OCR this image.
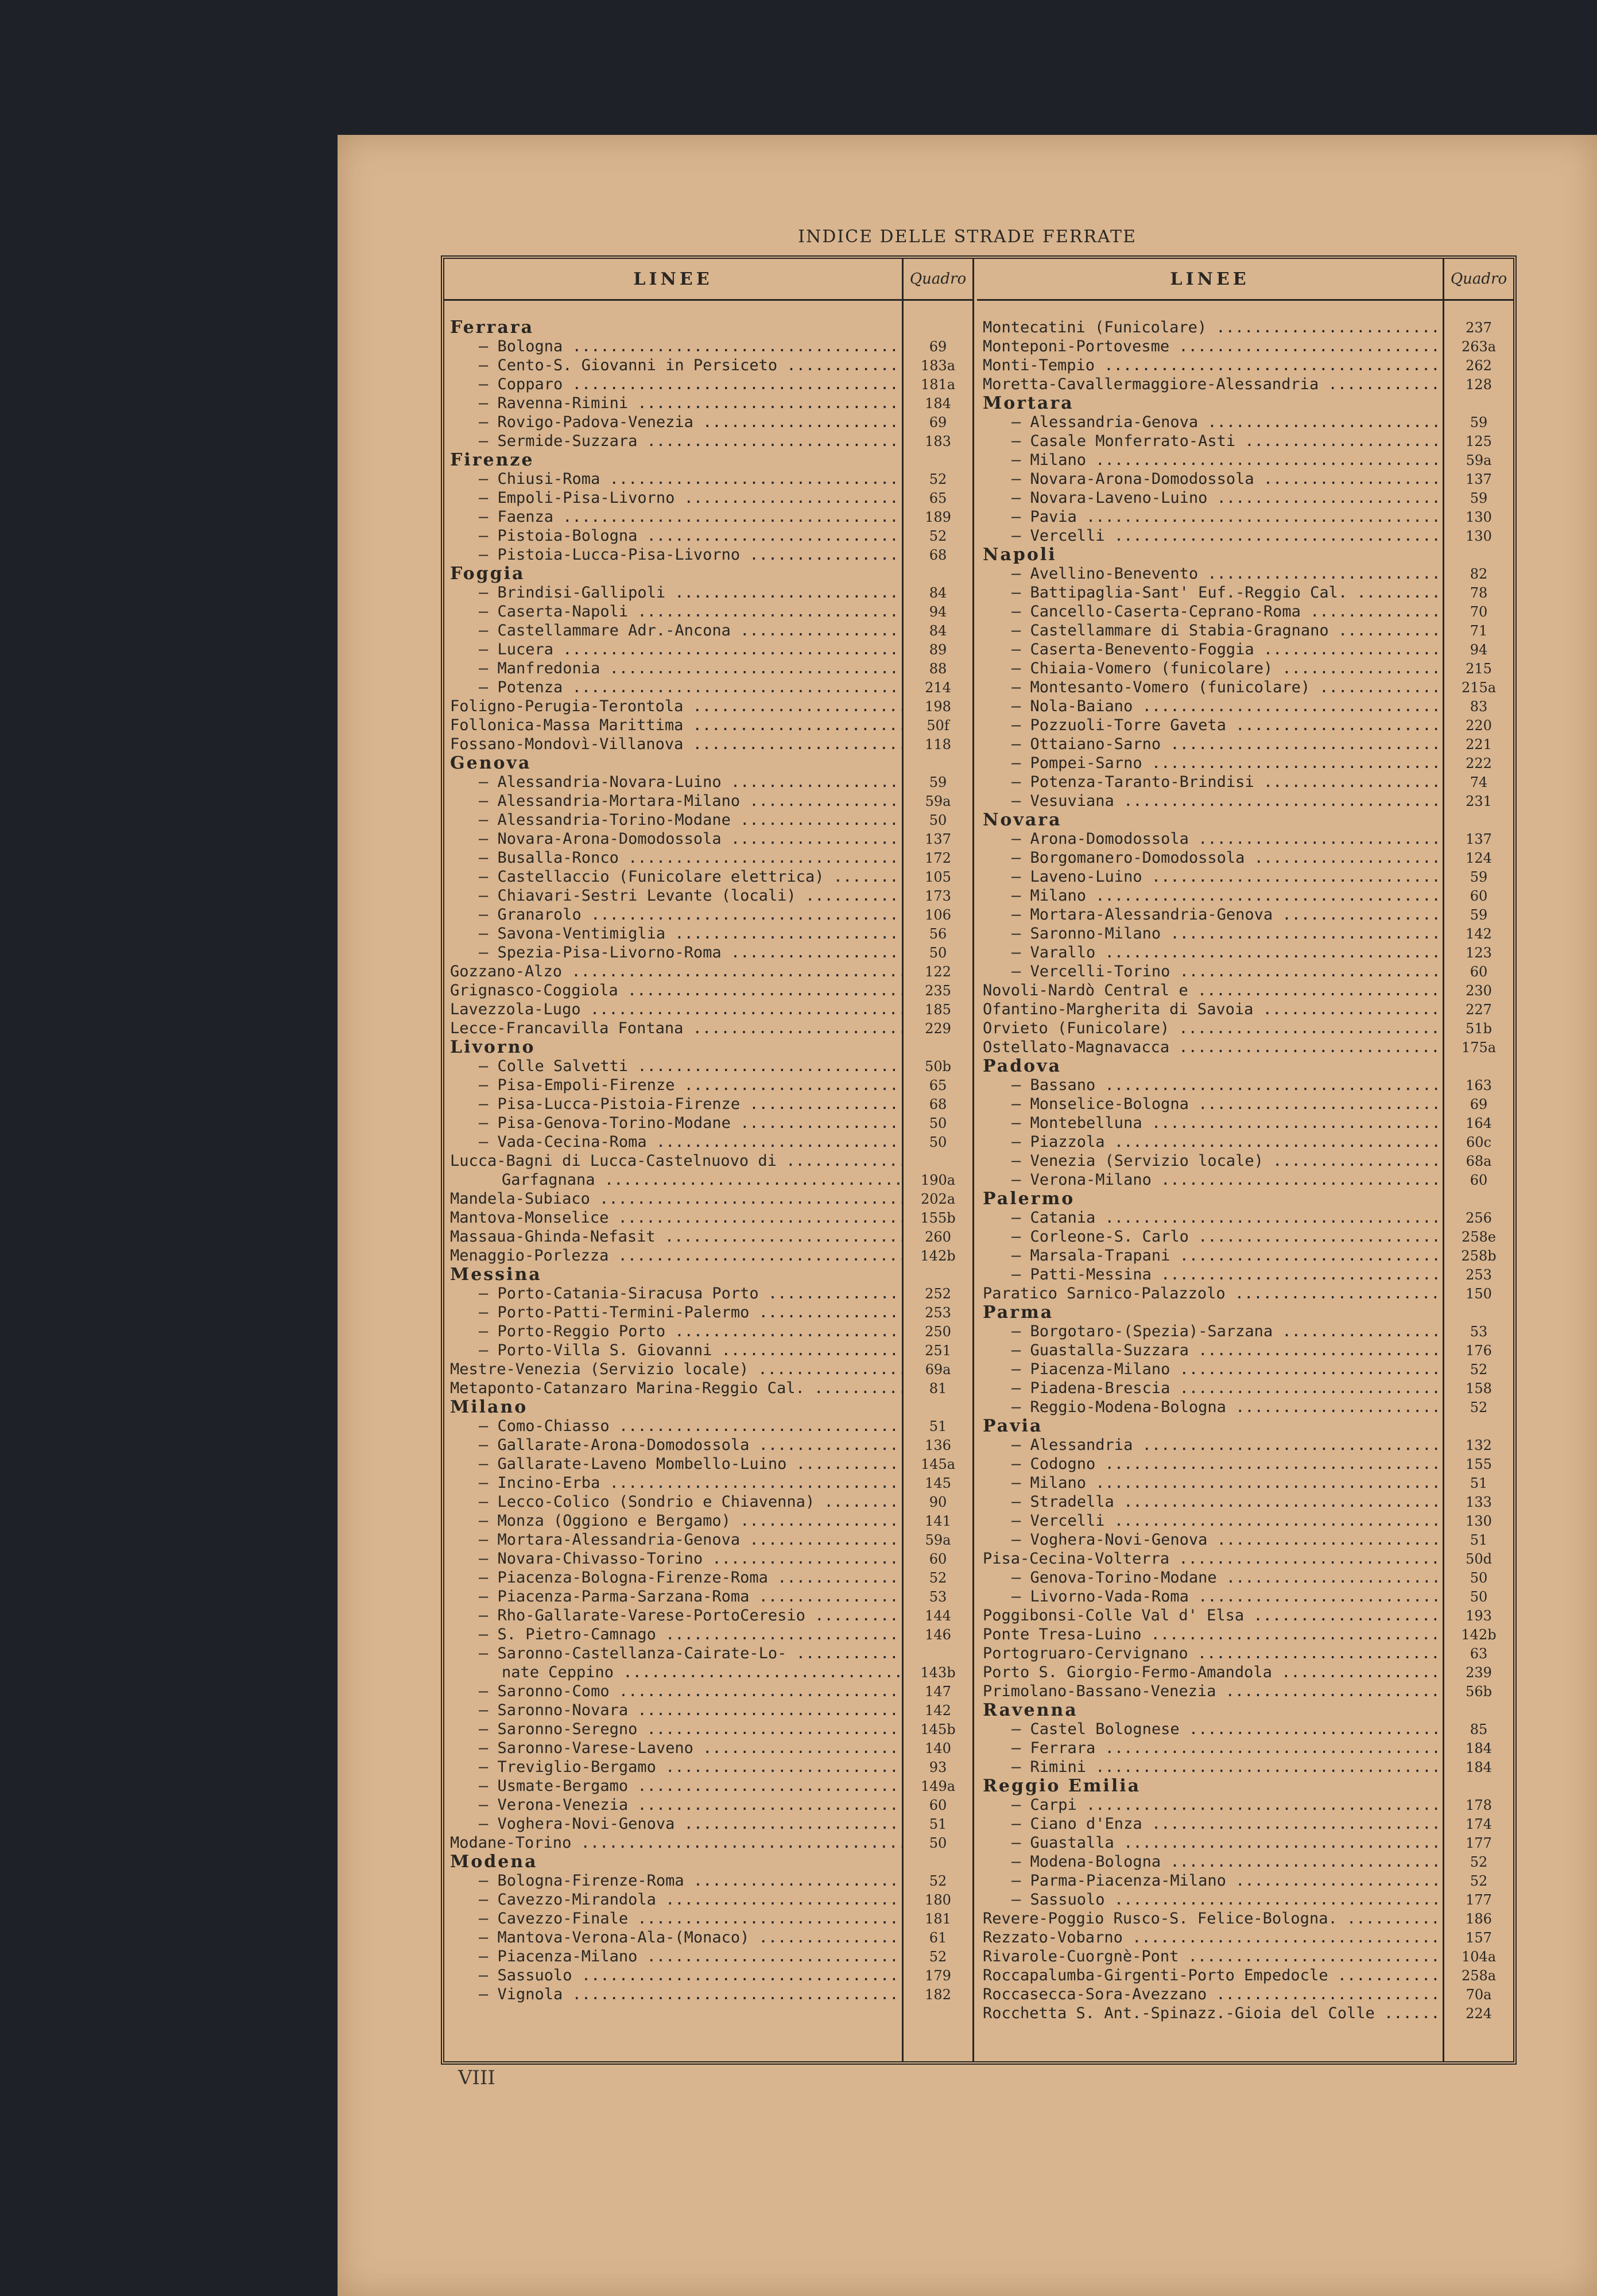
INDICE DELLE STRADE FERRATE
LINEE	Quadro
Ferrara
— Bologna .....	69
— Cento-S. Giovanni in Persiceto .....	183a
— Copparo .....	181a
— Ravenna-Rimini .....	184
— Rovigo-Padova-Venezia .....	69
— Sermide-Suzzara .....	183
Firenze
— Chiusi-Roma .....	52
— Empoli-Pisa-Livorno .....	65
— Faenza .....	189
— Pistoia-Bologna .....	52
— Pistoia-Lucca-Pisa-Livorno .....	68
Foggia
— Brindisi-Gallipoli .....	84
— Caserta-Napoli .....	94
— Castellammare Adr.-Ancona .....	84
— Lucera .....	89
— Manfredonia .....	88
— Potenza .....	214
Foligno-Perugia-Terontola .....	198
Follonica-Massa Marittima .....	50f
Fossano-Mondovì-Villanova .....	118
Genova
— Alessandria-Novara-Luino .....	59
— Alessandria-Mortara-Milano .....	59a
— Alessandria-Torino-Modane .....	50
— Novara-Arona-Domodossola .....	137
— Busalla-Ronco .....	172
— Castellaccio (Funicolare elettrica) .....	105
— Chiavari-Sestri Levante (locali) .....	173
— Granarolo .....	106
— Savona-Ventimiglia .....	56
— Spezia-Pisa-Livorno-Roma .....	50
Gozzano-Alzo .....	122
Grignasco-Coggiola .....	235
Lavezzola-Lugo .....	185
Lecce-Francavilla Fontana .....	229
Livorno
— Colle Salvetti .....	50b
— Pisa-Empoli-Firenze .....	65
— Pisa-Lucca-Pistoia-Firenze .....	68
— Pisa-Genova-Torino-Modane .....	50
— Vada-Cecina-Roma .....	50
Lucca-Bagni di Lucca-Castelnuovo di .....
Garfagnana .....	190a
Mandela-Subiaco .....	202a
Mantova-Monselice .....	155b
Massaua-Ghinda-Nefasit .....	260
Menaggio-Porlezza .....	142b
Messina
— Porto-Catania-Siracusa Porto .....	252
— Porto-Patti-Termini-Palermo .....	253
— Porto-Reggio Porto .....	250
— Porto-Villa S. Giovanni .....	251
Mestre-Venezia (Servizio locale) .....	69a
Metaponto-Catanzaro Marina-Reggio Cal. .....	81
Milano
— Como-Chiasso .....	51
— Gallarate-Arona-Domodossola .....	136
— Gallarate-Laveno Mombello-Luino .....	145a
— Incino-Erba .....	145
— Lecco-Colico (Sondrio e Chiavenna) .....	90
— Monza (Oggiono e Bergamo) .....	141
— Mortara-Alessandria-Genova .....	59a
— Novara-Chivasso-Torino .....	60
— Piacenza-Bologna-Firenze-Roma .....	52
— Piacenza-Parma-Sarzana-Roma .....	53
— Rho-Gallarate-Varese-PortoCeresio .....	144
— S. Pietro-Camnago .....	146
— Saronno-Castellanza-Cairate-Lo- .....
nate Ceppino .....	143b
— Saronno-Como .....	147
— Saronno-Novara .....	142
— Saronno-Seregno .....	145b
— Saronno-Varese-Laveno .....	140
— Treviglio-Bergamo .....	93
— Usmate-Bergamo .....	149a
— Verona-Venezia .....	60
— Voghera-Novi-Genova .....	51
Modane-Torino .....	50
Modena
— Bologna-Firenze-Roma .....	52
— Cavezzo-Mirandola .....	180
— Cavezzo-Finale .....	181
— Mantova-Verona-Ala-(Monaco) .....	61
— Piacenza-Milano .....	52
— Sassuolo .....	179
— Vignola .....	182
LINEE	Quadro
Montecatini (Funicolare) .....	237
Monteponi-Portovesme .....	263a
Monti-Tempio .....	262
Moretta-Cavallermaggiore-Alessandria .....	128
Mortara
— Alessandria-Genova .....	59
— Casale Monferrato-Asti .....	125
— Milano .....	59a
— Novara-Arona-Domodossola .....	137
— Novara-Laveno-Luino .....	59
— Pavia .....	130
— Vercelli .....	130
Napoli
— Avellino-Benevento .....	82
— Battipaglia-Sant' Euf.-Reggio Cal. .....	78
— Cancello-Caserta-Ceprano-Roma .....	70
— Castellammare di Stabia-Gragnano .....	71
— Caserta-Benevento-Foggia .....	94
— Chiaia-Vomero (funicolare) .....	215
— Montesanto-Vomero (funicolare) .....	215a
— Nola-Baiano .....	83
— Pozzuoli-Torre Gaveta .....	220
— Ottaiano-Sarno .....	221
— Pompei-Sarno .....	222
— Potenza-Taranto-Brindisi .....	74
— Vesuviana .....	231
Novara
— Arona-Domodossola .....	137
— Borgomanero-Domodossola .....	124
— Laveno-Luino .....	59
— Milano .....	60
— Mortara-Alessandria-Genova .....	59
— Saronno-Milano .....	142
— Varallo .....	123
— Vercelli-Torino .....	60
Novoli-Nardò Central e .....	230
Ofantino-Margherita di Savoia .....	227
Orvieto (Funicolare) .....	51b
Ostellato-Magnavacca .....	175a
Padova
— Bassano .....	163
— Monselice-Bologna .....	69
— Montebelluna .....	164
— Piazzola .....	60c
— Venezia (Servizio locale) .....	68a
— Verona-Milano .....	60
Palermo
— Catania .....	256
— Corleone-S. Carlo .....	258e
— Marsala-Trapani .....	258b
— Patti-Messina .....	253
Paratico Sarnico-Palazzolo .....	150
Parma
— Borgotaro-(Spezia)-Sarzana .....	53
— Guastalla-Suzzara .....	176
— Piacenza-Milano .....	52
— Piadena-Brescia .....	158
— Reggio-Modena-Bologna .....	52
Pavia
— Alessandria .....	132
— Codogno .....	155
— Milano .....	51
— Stradella .....	133
— Vercelli .....	130
— Voghera-Novi-Genova .....	51
Pisa-Cecina-Volterra .....	50d
— Genova-Torino-Modane .....	50
— Livorno-Vada-Roma .....	50
Poggibonsi-Colle Val d' Elsa .....	193
Ponte Tresa-Luino .....	142b
Portogruaro-Cervignano .....	63
Porto S. Giorgio-Fermo-Amandola .....	239
Primolano-Bassano-Venezia .....	56b
Ravenna
— Castel Bolognese .....	85
— Ferrara .....	184
— Rimini .....	184
Reggio Emilia
— Carpi .....	178
— Ciano d'Enza .....	174
— Guastalla .....	177
— Modena-Bologna .....	52
— Parma-Piacenza-Milano .....	52
— Sassuolo .....	177
Revere-Poggio Rusco-S. Felice-Bologna. .....	186
Rezzato-Vobarno .....	157
Rivarole-Cuorgnè-Pont .....	104a
Roccapalumba-Girgenti-Porto Empedocle .....	258a
Roccasecca-Sora-Avezzano .....	70a
Rocchetta S. Ant.-Spinazz.-Gioia del Colle .....	224
VIII
